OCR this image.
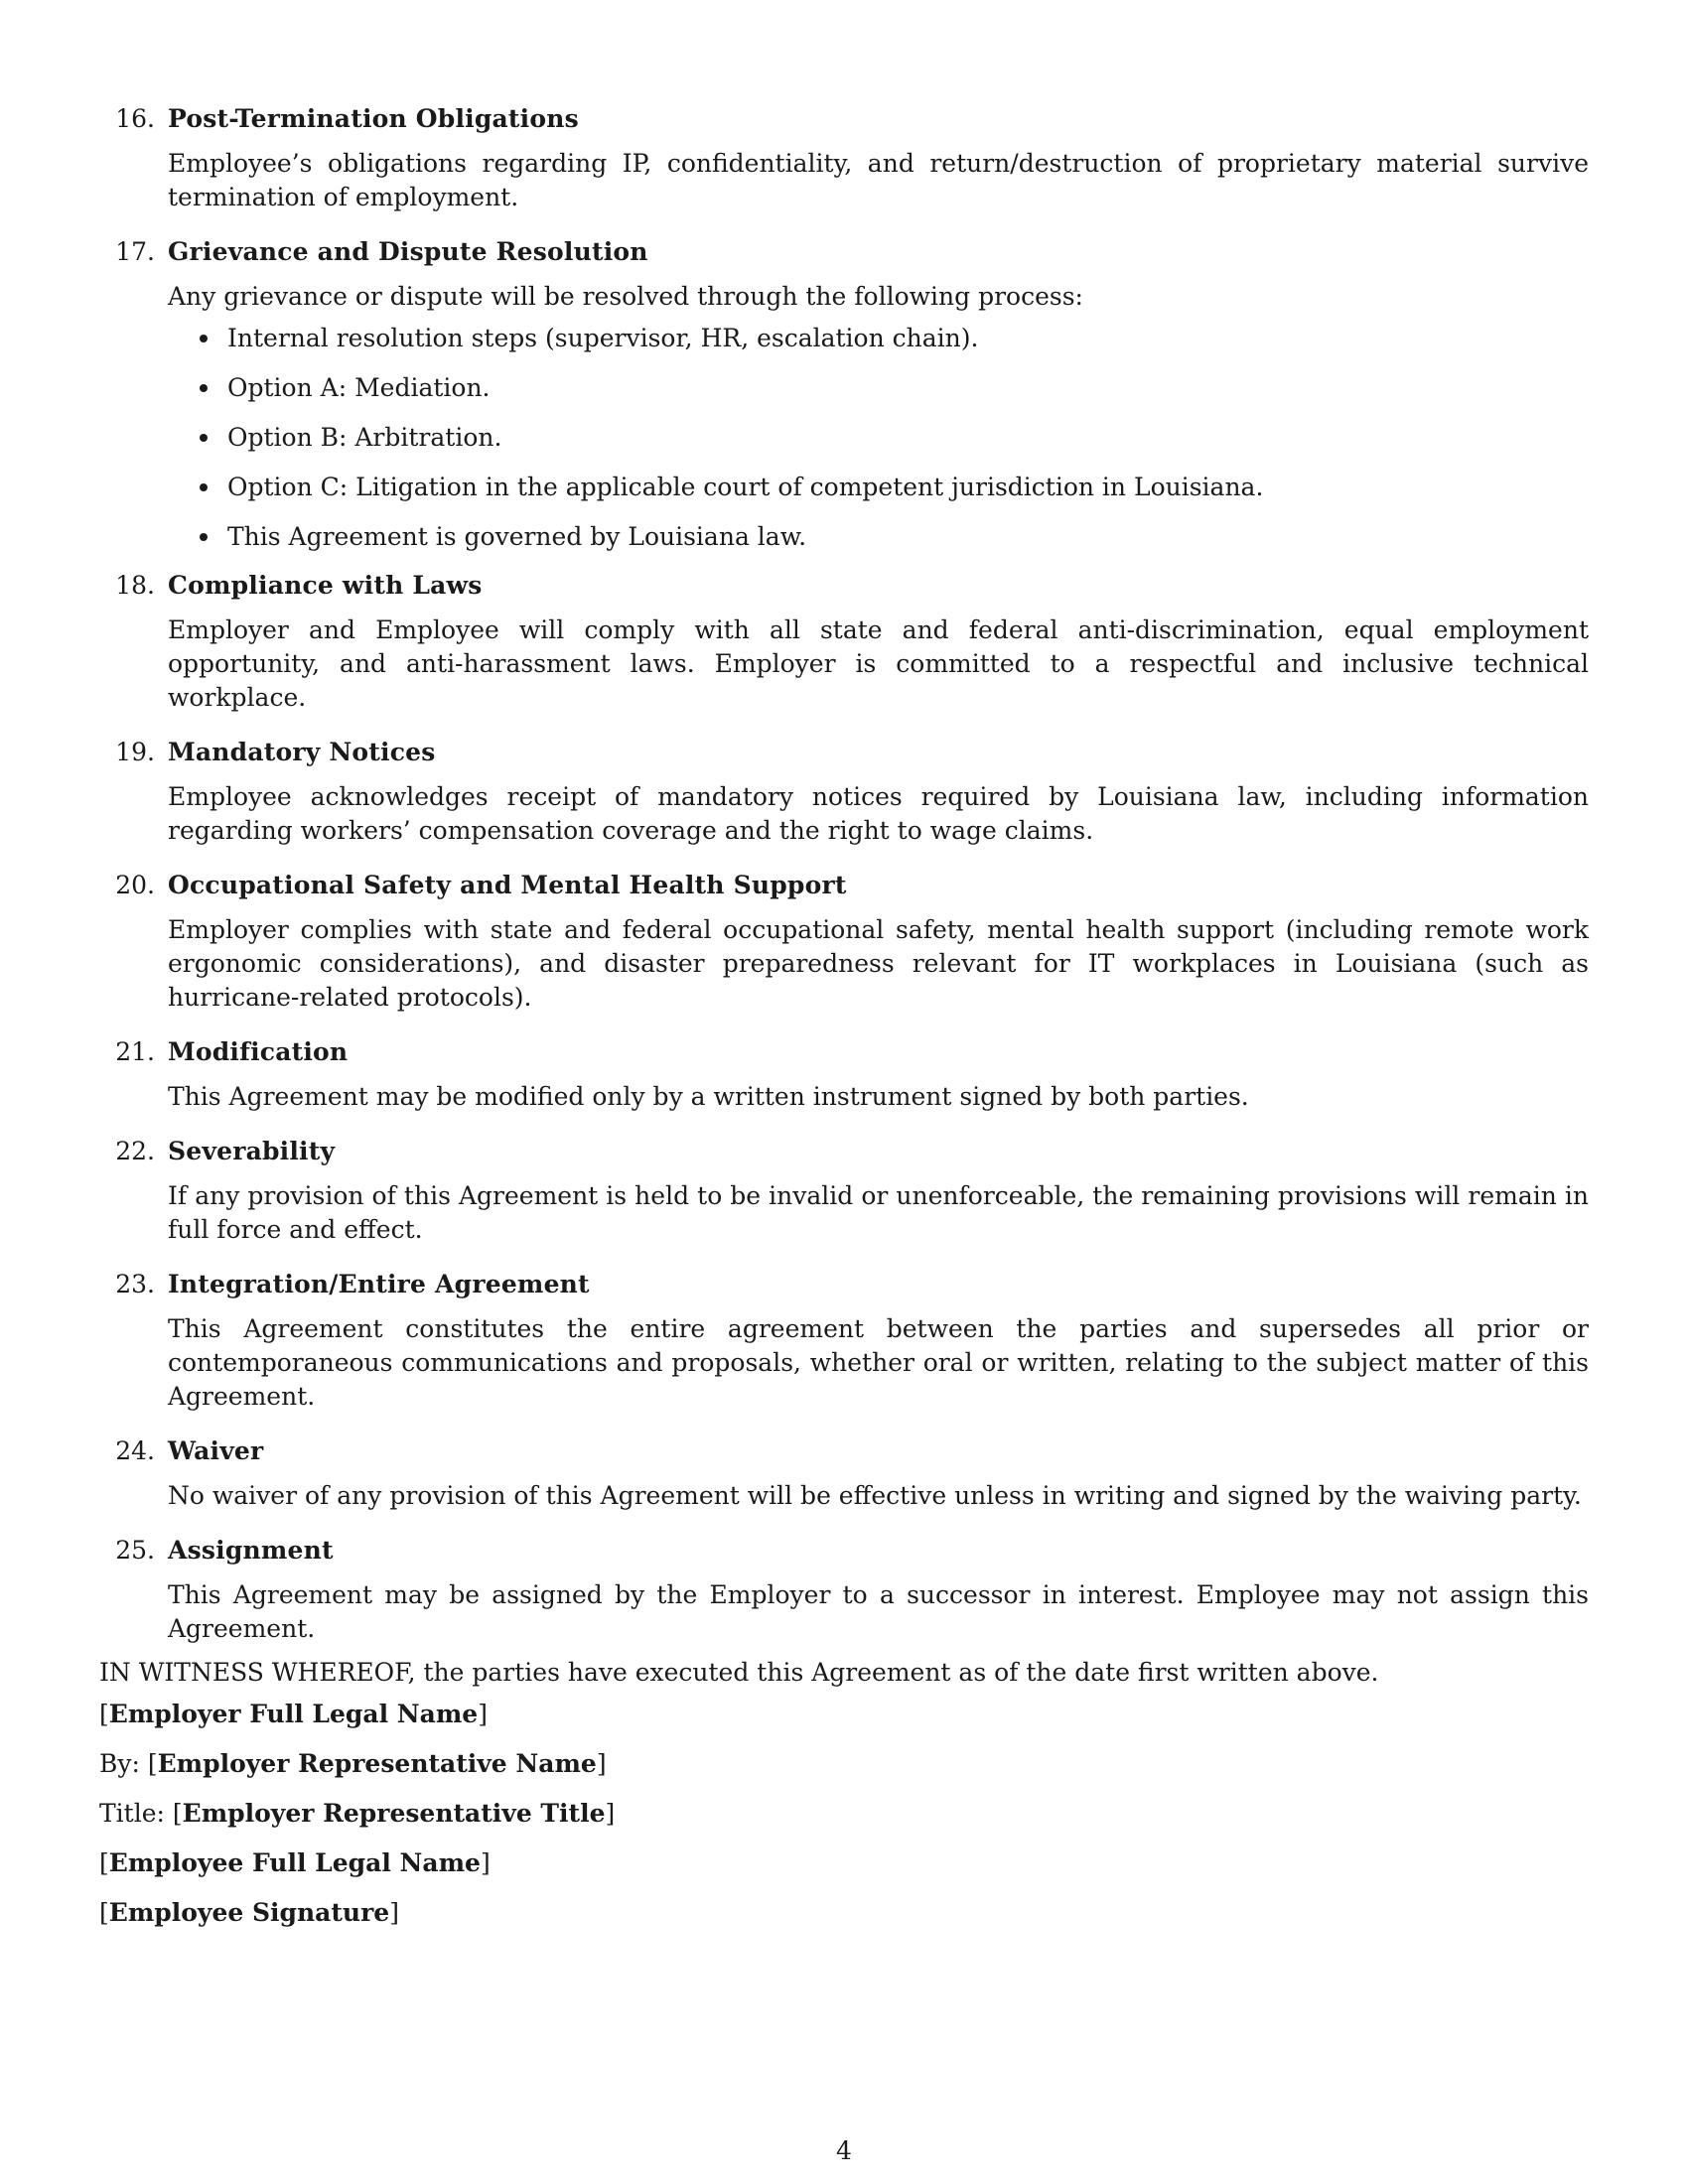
16. Post-Termination Obligations

Employee’s obligations regarding IP, confidentiality, and return/destruction of proprietary material survive termination of employment.

17. Grievance and Dispute Resolution

Any grievance or dispute will be resolved through the following process:

Internal resolution steps (supervisor, HR, escalation chain).
Option A: Mediation.
Option B: Arbitration.
Option C: Litigation in the applicable court of competent jurisdiction in Louisiana.
This Agreement is governed by Louisiana law.
18. Compliance with Laws

Employer and Employee will comply with all state and federal anti-discrimination, equal employment opportunity, and anti-harassment laws. Employer is committed to a respectful and inclusive technical workplace.

19. Mandatory Notices

Employee acknowledges receipt of mandatory notices required by Louisiana law, including information regarding workers’ compensation coverage and the right to wage claims.

20. Occupational Safety and Mental Health Support

Employer complies with state and federal occupational safety, mental health support (including remote work ergonomic considerations), and disaster preparedness relevant for IT workplaces in Louisiana (such as hurricane-related protocols).

21. Modification

This Agreement may be modified only by a written instrument signed by both parties.

22. Severability

If any provision of this Agreement is held to be invalid or unenforceable, the remaining provisions will remain in full force and effect.

23. Integration/Entire Agreement

This Agreement constitutes the entire agreement between the parties and supersedes all prior or contemporaneous communications and proposals, whether oral or written, relating to the subject matter of this Agreement.

24. Waiver

No waiver of any provision of this Agreement will be effective unless in writing and signed by the waiving party.

25. Assignment

This Agreement may be assigned by the Employer to a successor in interest. Employee may not assign this Agreement.

IN WITNESS WHEREOF, the parties have executed this Agreement as of the date first written above.

[Employer Full Legal Name]

By: [Employer Representative Name]

Title: [Employer Representative Title]

[Employee Full Legal Name]

[Employee Signature]

4
